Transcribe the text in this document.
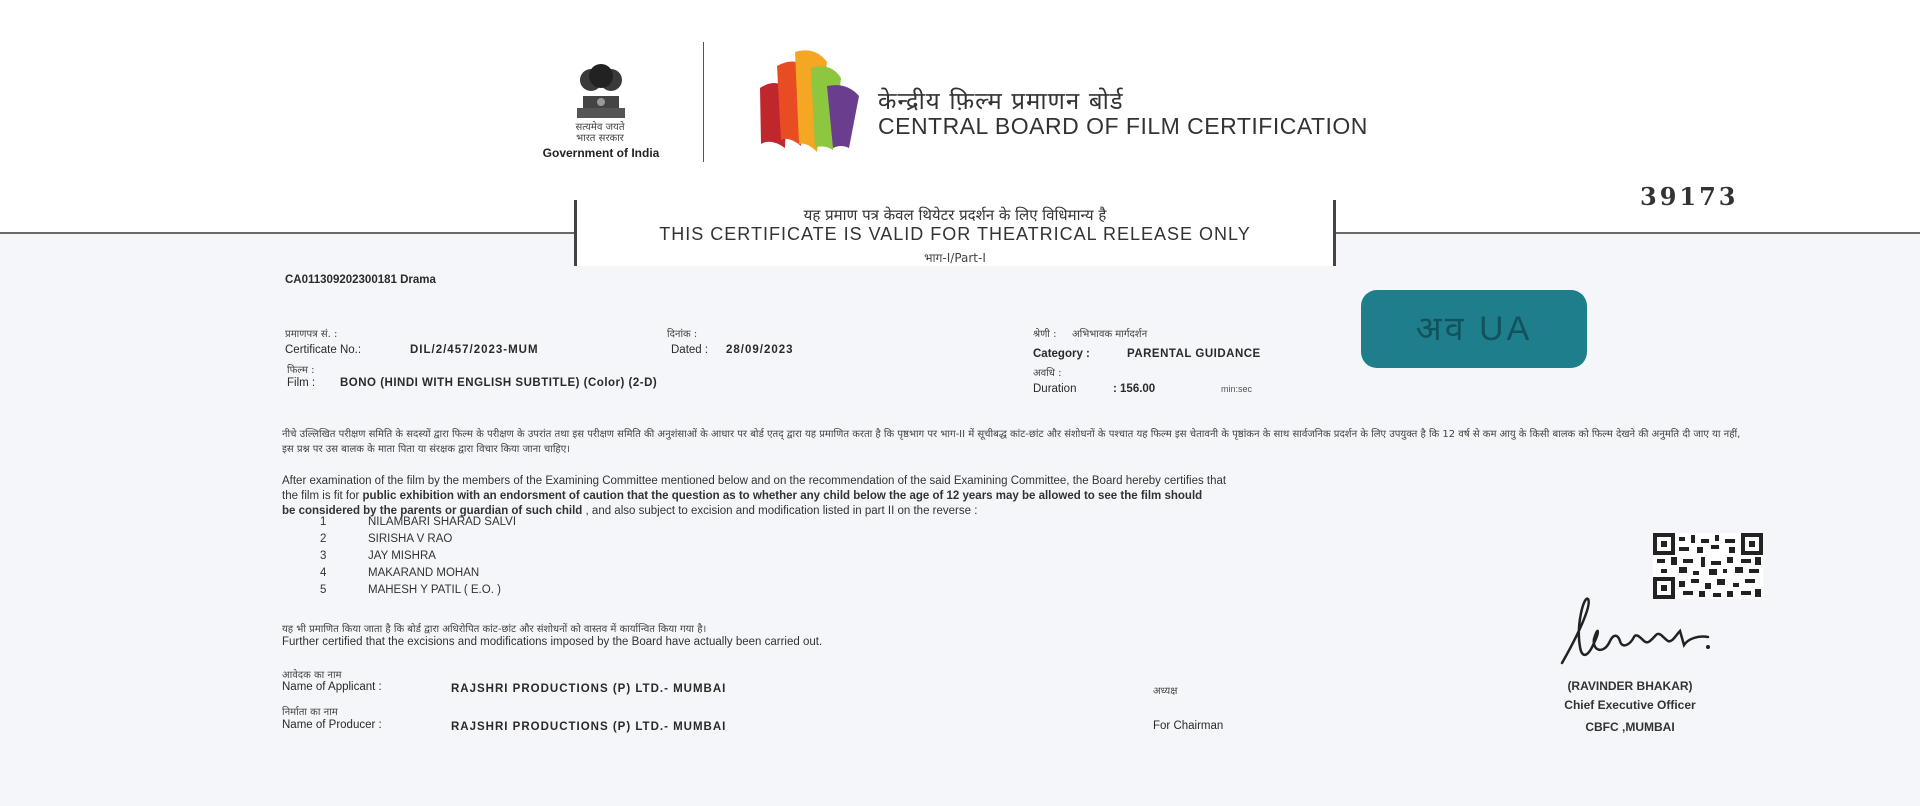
सत्यमेव जयते
भारत सरकार
Government of India
केन्द्रीय फ़िल्म प्रमाणन बोर्ड
CENTRAL BOARD OF FILM CERTIFICATION
39173
यह प्रमाण पत्र केवल थियेटर प्रदर्शन के लिए विधिमान्य है
THIS CERTIFICATE IS VALID FOR THEATRICAL RELEASE ONLY
भाग-I/Part-I
CA011309202300181 Drama
प्रमाणपत्र सं. :
Certificate No.:	DIL/2/457/2023-MUM
दिनांक :
Dated : 28/09/2023
फिल्म :
Film : BONO (HINDI WITH ENGLISH SUBTITLE) (Color) (2-D)
श्रेणी : अभिभावक मार्गदर्शन
Category :	PARENTAL GUIDANCE
अवधि :
Duration	: 156.00	min:sec
अव UA
नीचे उल्लिखित परीक्षण समिति के सदस्यों द्वारा फिल्म के परीक्षण के उपरांत तथा इस परीक्षण समिति की अनुशंसाओं के आधार पर बोर्ड एतद् द्वारा यह प्रमाणित करता है कि पृष्ठभाग पर भाग-II में सूचीबद्ध कांट-छांट और संशोधनों के पश्चात यह फिल्म इस चेतावनी के पृष्ठांकन के साथ सार्वजनिक प्रदर्शन के लिए उपयुक्त है कि 12 वर्ष से कम आयु के किसी बालक को फिल्म देखने की अनुमति दी जाए या नहीं, इस प्रश्न पर उस बालक के माता पिता या संरक्षक द्वारा विचार किया जाना चाहिए।
After examination of the film by the members of the Examining Committee mentioned below and on the recommendation of the said Examining Committee, the Board hereby certifies that
the film is fit for public exhibition with an endorsment of caution that the question as to whether any child below the age of 12 years may be allowed to see the film should
be considered by the parents or guardian of such child , and also subject to excision and modification listed in part II on the reverse :
1	NILAMBARI SHARAD SALVI
2	SIRISHA V RAO
3	JAY MISHRA
4	MAKARAND MOHAN
5	MAHESH Y PATIL ( E.O. )
यह भी प्रमाणित किया जाता है कि बोर्ड द्वारा अधिरोपित कांट-छांट और संशोधनों को वास्तव में कार्यान्वित किया गया है।
Further certified that the excisions and modifications imposed by the Board have actually been carried out.
आवेदक का नाम
Name of Applicant :	RAJSHRI PRODUCTIONS (P) LTD.- MUMBAI
निर्माता का नाम
Name of Producer :	RAJSHRI PRODUCTIONS (P) LTD.- MUMBAI
अध्यक्ष
For Chairman
(RAVINDER BHAKAR)
Chief Executive Officer
CBFC ,MUMBAI
